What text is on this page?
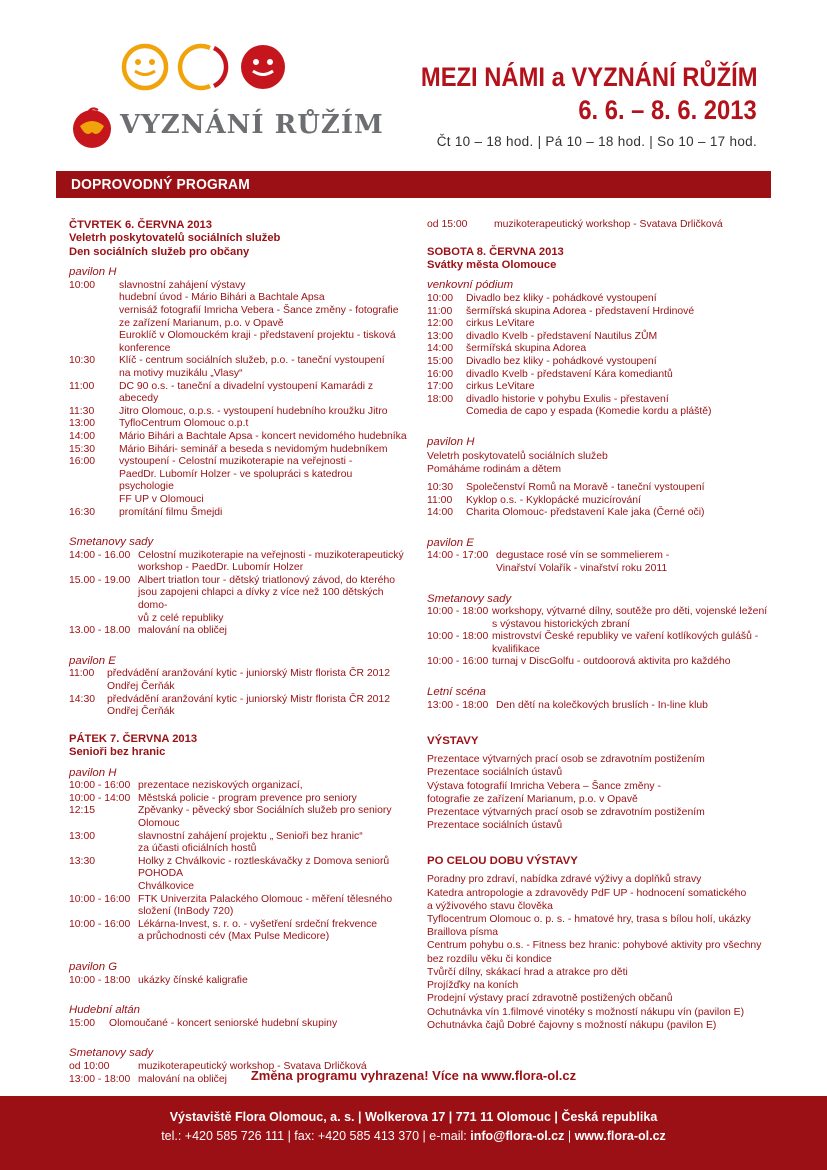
VYZNÁNÍ RŮŽÍM
MEZI NÁMI a VYZNÁNÍ RŮŽÍM
6. 6. – 8. 6. 2013
Čt 10 – 18 hod. | Pá 10 – 18 hod. | So 10 – 17 hod.
DOPROVODNÝ PROGRAM
ČTVRTEK 6. ČERVNA 2013
Veletrh poskytovatelů sociálních služeb
Den sociálních služeb pro občany
pavilon H
10:00	slavnostní zahájení výstavy
hudební úvod - Mário Bihári a Bachtale Apsa
vernisáž fotografií Imricha Vebera - Šance změny - fotografie
ze zařízení Marianum, p.o. v Opavě
Euroklíč v Olomouckém kraji - představení projektu - tisková
konference
10:30	Klíč - centrum sociálních služeb, p.o. - taneční vystoupení
na motivy muzikálu „Vlasy“
11:00	DC 90 o.s. - taneční a divadelní vystoupení Kamarádi z abecedy
11:30	Jitro Olomouc, o.p.s. - vystoupení hudebního kroužku Jitro
13:00	TyfloCentrum Olomouc o.p.t
14:00	Mário Bihári a Bachtale Apsa - koncert nevidomého hudebníka
15:30	Mário Bihári- seminář a beseda s nevidomým hudebníkem
16:00	vystoupení - Celostní muzikoterapie na veřejnosti -
PaedDr. Lubomír Holzer - ve spolupráci s katedrou psychologie
FF UP v Olomouci
16:30	promítání filmu Šmejdi
Smetanovy sady
14:00 - 16.00 Celostní muzikoterapie na veřejnosti - muzikoterapeutický
workshop - PaedDr. Lubomír Holzer
15.00 - 19.00 Albert triatlon tour - dětský triatlonový závod, do kterého
jsou zapojeni chlapci a dívky z více než 100 dětských domo-
vů z celé republiky
13.00 - 18.00 malování na obličej
pavilon E
11:00	předvádění aranžování kytic - juniorský Mistr florista ČR 2012
Ondřej Čerňák
14:30	předvádění aranžování kytic - juniorský Mistr florista ČR 2012
Ondřej Čerňák
PÁTEK 7. ČERVNA 2013
Senioři bez hranic
pavilon H
10:00 - 16:00 prezentace neziskových organizací,
10:00 - 14:00 Městská policie - program prevence pro seniory
12:15	Zpěvanky - pěvecký sbor Sociálních služeb pro seniory Olomouc
13:00	slavnostní zahájení projektu „ Senioři bez hranic“
za účasti oficiálních hostů
13:30	Holky z Chválkovic - roztleskávačky z Domova seniorů POHODA
Chválkovice
10:00 - 16:00 FTK Univerzita Palackého Olomouc - měření tělesného
složení (InBody 720)
10:00 - 16:00 Lékárna-Invest, s. r. o. - vyšetření srdeční frekvence
a průchodnosti cév (Max Pulse Medicore)
pavilon G
10:00 - 18:00 ukázky čínské kaligrafie
Hudební altán
15:00	Olomoučané - koncert seniorské hudební skupiny
Smetanovy sady
od 10:00	muzikoterapeutický workshop - Svatava Drličková
13:00 - 18:00 malování na obličej
od 15:00	muzikoterapeutický workshop - Svatava Drličková
SOBOTA 8. ČERVNA 2013
Svátky města Olomouce
venkovní pódium
10:00	Divadlo bez kliky - pohádkové vystoupení
11:00	šermířská skupina Adorea - představení Hrdinové
12:00	cirkus LeVitare
13:00	divadlo Kvelb - představení Nautilus ZŮM
14:00	šermířská skupina Adorea
15:00	Divadlo bez kliky - pohádkové vystoupení
16:00	divadlo Kvelb - představení Kára komediantů
17:00	cirkus LeVitare
18:00	divadlo historie v pohybu Exulis - přestavení
Comedia de capo y espada (Komedie kordu a pláště)
pavilon H
Veletrh poskytovatelů sociálních služeb
Pomáháme rodinám a dětem
10:30	Společenství Romů na Moravě - taneční vystoupení
11:00	Kyklop o.s. - Kyklopácké muzicírování
14:00	Charita Olomouc- představení Kale jaka (Černé oči)
pavilon E
14:00 - 17:00 degustace rosé vín se sommelierem -
Vinařství Volařík - vinařství roku 2011
Smetanovy sady
10:00 - 18:00 workshopy, výtvarné dílny, soutěže pro děti, vojenské ležení
s výstavou historických zbraní
10:00 - 18:00 mistrovství České republiky ve vaření kotlíkových gulášů -
kvalifikace
10:00 - 16:00 turnaj v DiscGolfu - outdoorová aktivita pro každého
Letní scéna
13:00 - 18:00 Den dětí na kolečkových bruslích - In-line klub
VÝSTAVY
Prezentace výtvarných prací osob se zdravotním postižením
Prezentace sociálních ústavů
Výstava fotografií Imricha Vebera – Šance změny -
fotografie ze zařízení Marianum, p.o. v Opavě
Prezentace výtvarných prací osob se zdravotním postižením
Prezentace sociálních ústavů
PO CELOU DOBU VÝSTAVY
Poradny pro zdraví, nabídka zdravé výživy a doplňků stravy
Katedra antropologie a zdravovědy PdF UP - hodnocení somatického
a výživového stavu člověka
Tyflocentrum Olomouc o. p. s. - hmatové hry, trasa s bílou holí, ukázky
Braillova písma
Centrum pohybu o.s. - Fitness bez hranic: pohybové aktivity pro všechny
bez rozdílu věku či kondice
Tvůrčí dílny, skákací hrad a atrakce pro děti
Projížďky na koních
Prodejní výstavy prací zdravotně postižených občanů
Ochutnávka vín 1.filmové vinotéky s možností nákupu vín (pavilon E)
Ochutnávka čajů Dobré čajovny s možností nákupu (pavilon E)
Změna programu vyhrazena! Více na www.flora-ol.cz
Výstaviště Flora Olomouc, a. s. | Wolkerova 17 | 771 11 Olomouc | Česká republika
tel.: +420 585 726 111 | fax: +420 585 413 370 | e-mail: info@flora-ol.cz | www.flora-ol.cz
